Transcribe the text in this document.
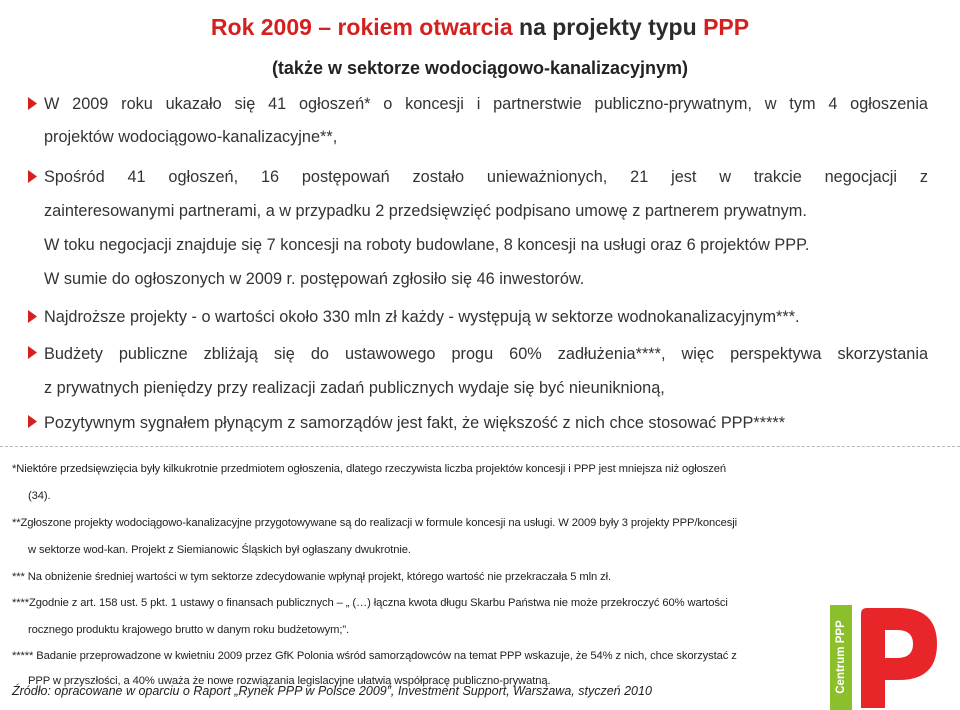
Rok 2009 – rokiem otwarcia na projekty typu PPP
(także w sektorze wodociągowo-kanalizacyjnym)
W 2009 roku ukazało się 41 ogłoszeń* o koncesji i partnerstwie publiczno-prywatnym, w tym 4 ogłoszenia
projektów wodociągowo-kanalizacyjne**,
Spośród 41 ogłoszeń, 16 postępowań zostało unieważnionych, 21 jest w trakcie negocjacji z
zainteresowanymi partnerami, a w przypadku 2 przedsięwzięć podpisano umowę z partnerem prywatnym.
W toku negocjacji znajduje się 7 koncesji na roboty budowlane, 8 koncesji na usługi oraz 6 projektów PPP.
W sumie do ogłoszonych w 2009 r. postępowań zgłosiło się 46 inwestorów.
Najdroższe projekty - o wartości około 330 mln zł każdy - występują w sektorze wodnokanalizacyjnym***.
Budżety publiczne zbliżają się do ustawowego progu 60% zadłużenia****, więc perspektywa skorzystania
z prywatnych pieniędzy przy realizacji zadań publicznych wydaje się być nieuniknioną,
Pozytywnym sygnałem płynącym z samorządów jest fakt, że większość z nich chce stosować PPP*****
*Niektóre przedsięwzięcia były kilkukrotnie przedmiotem ogłoszenia, dlatego rzeczywista liczba projektów koncesji i PPP jest mniejsza niż ogłoszeń
(34).
**Zgłoszone projekty wodociągowo-kanalizacyjne przygotowywane są do realizacji w formule koncesji na usługi. W 2009 były 3 projekty PPP/koncesji
w sektorze wod-kan. Projekt z Siemianowic Śląskich był ogłaszany dwukrotnie.
*** Na obniżenie średniej wartości w tym sektorze zdecydowanie wpłynął projekt, którego wartość nie przekraczała 5 mln zł.
****Zgodnie z art. 158 ust. 5 pkt. 1 ustawy o finansach publicznych – „ (…) łączna kwota długu Skarbu Państwa nie może przekroczyć 60% wartości
rocznego produktu krajowego brutto w danym roku budżetowym;”.
***** Badanie przeprowadzone w kwietniu 2009 przez GfK Polonia wśród samorządowców na temat PPP wskazuje, że 54% z nich, chce skorzystać z
PPP w przyszłości, a 40% uważa że nowe rozwiązania legislacyjne ułatwią współpracę publiczno-prywatną.
Źródło: opracowane w oparciu o Raport „Rynek PPP w Polsce 2009”, Investment Support, Warszawa, styczeń 2010	Centrum PPP
